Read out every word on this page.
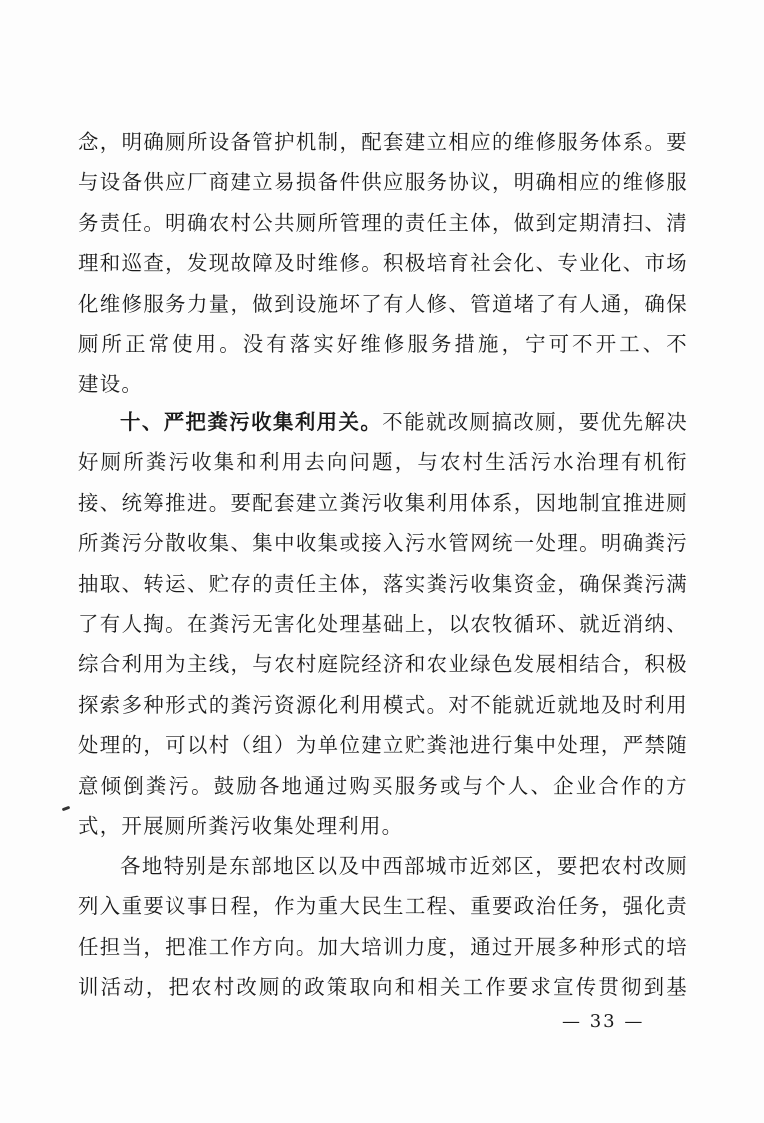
念，明确厕所设备管护机制，配套建立相应的维修服务体系。要
与设备供应厂商建立易损备件供应服务协议，明确相应的维修服
务责任。明确农村公共厕所管理的责任主体，做到定期清扫、清
理和巡查，发现故障及时维修。积极培育社会化、专业化、市场
化维修服务力量，做到设施坏了有人修、管道堵了有人通，确保
厕所正常使用。没有落实好维修服务措施，宁可不开工、不
建设。
十、严把粪污收集利用关。不能就改厕搞改厕，要优先解决
好厕所粪污收集和利用去向问题，与农村生活污水治理有机衔
接、统筹推进。要配套建立粪污收集利用体系，因地制宜推进厕
所粪污分散收集、集中收集或接入污水管网统一处理。明确粪污
抽取、转运、贮存的责任主体，落实粪污收集资金，确保粪污满
了有人掏。在粪污无害化处理基础上，以农牧循环、就近消纳、
综合利用为主线，与农村庭院经济和农业绿色发展相结合，积极
探索多种形式的粪污资源化利用模式。对不能就近就地及时利用
处理的，可以村（组）为单位建立贮粪池进行集中处理，严禁随
意倾倒粪污。鼓励各地通过购买服务或与个人、企业合作的方
式，开展厕所粪污收集处理利用。
— 33 —
各地特别是东部地区以及中西部城市近郊区，要把农村改厕
列入重要议事日程，作为重大民生工程、重要政治任务，强化责
任担当，把准工作方向。加大培训力度，通过开展多种形式的培
训活动，把农村改厕的政策取向和相关工作要求宣传贯彻到基
